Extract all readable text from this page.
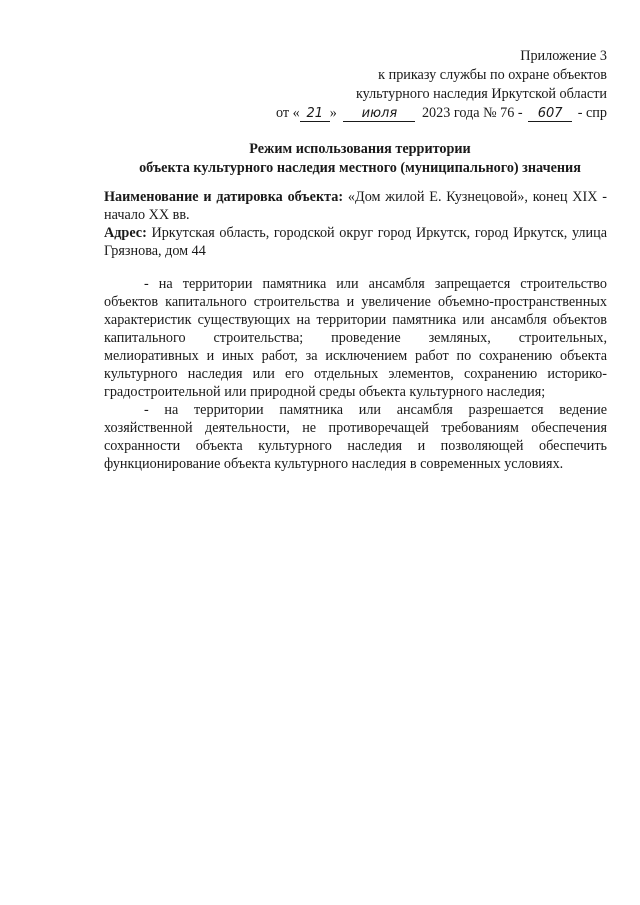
Приложение 3
к приказу службы по охране объектов
культурного наследия Иркутской области
от « 21 » июля 2023 года № 76 - 607 - спр
Режим использования территории
объекта культурного наследия местного (муниципального) значения

Наименование и датировка объекта: «Дом жилой Е. Кузнецовой», конец XIX - начало XX вв.

Адрес: Иркутская область, городской округ город Иркутск, город Иркутск, улица Грязнова, дом 44

- на территории памятника или ансамбля запрещается строительство объектов капитального строительства и увеличение объемно-пространственных характеристик существующих на территории памятника или ансамбля объектов капитального строительства; проведение земляных, строительных, мелиоративных и иных работ, за исключением работ по сохранению объекта культурного наследия или его отдельных элементов, сохранению историко-градостроительной или природной среды объекта культурного наследия;

- на территории памятника или ансамбля разрешается ведение хозяйственной деятельности, не противоречащей требованиям обеспечения сохранности объекта культурного наследия и позволяющей обеспечить функционирование объекта культурного наследия в современных условиях.
